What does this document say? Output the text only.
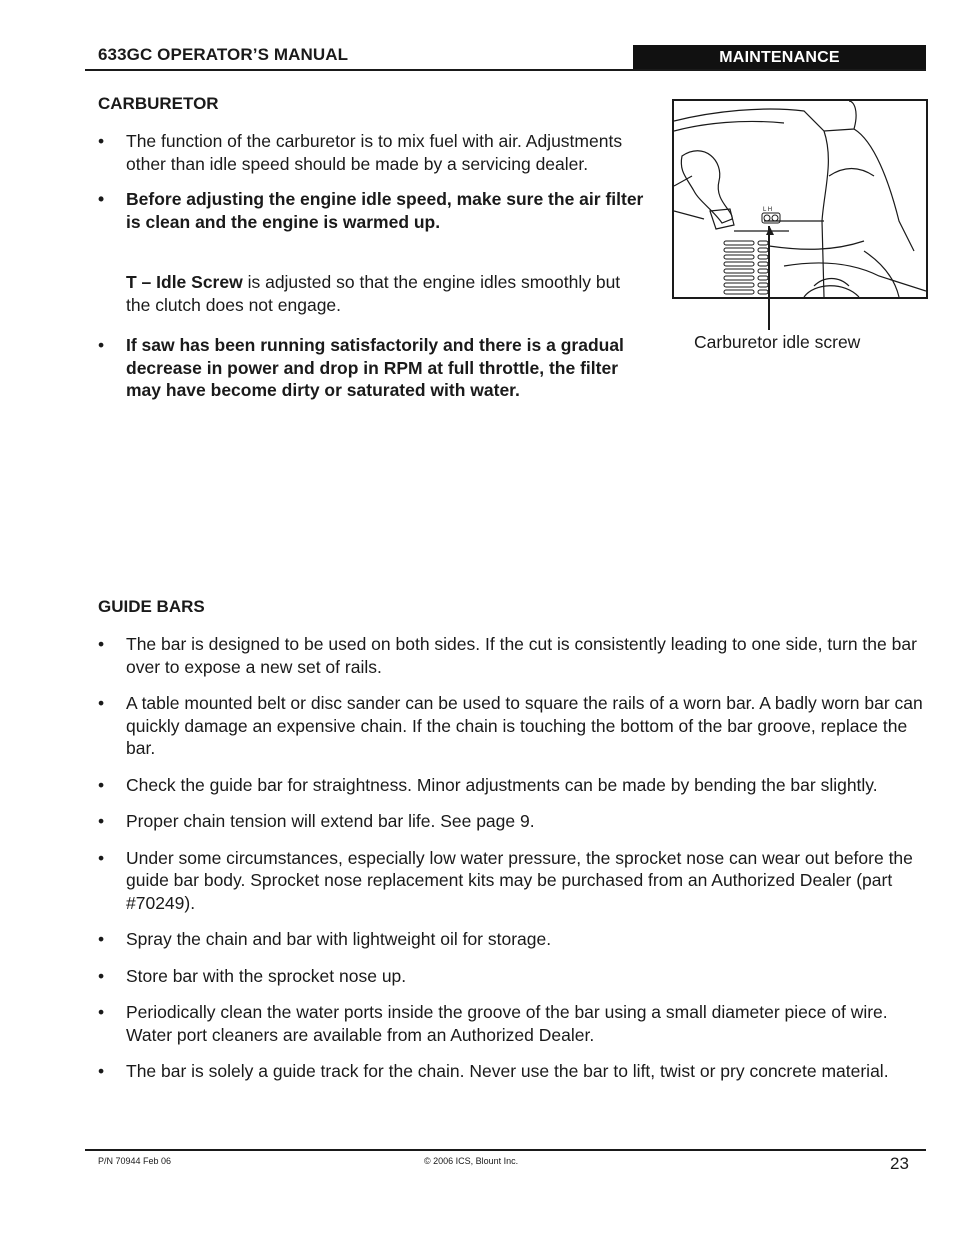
633GC OPERATOR’S MANUAL	MAINTENANCE
CARBURETOR
• The function of the carburetor is to mix fuel with air. Adjustments other than idle speed should be made by a servicing dealer.
• Before adjusting the engine idle speed, make sure the air filter is clean and the engine is warmed up.
T – Idle Screw is adjusted so that the engine idles smoothly but the clutch does not engage.
• If saw has been running satisfactorily and there is a gradual decrease in power and drop in RPM at full throttle, the filter may have become dirty or saturated with water.
L H
Carburetor idle screw
GUIDE BARS
• The bar is designed to be used on both sides. If the cut is consistently leading to one side, turn the bar over to expose a new set of rails.
• A table mounted belt or disc sander can be used to square the rails of a worn bar. A badly worn bar can quickly damage an expensive chain. If the chain is touching the bottom of the bar groove, replace the bar.
• Check the guide bar for straightness. Minor adjustments can be made by bending the bar slightly.
• Proper chain tension will extend bar life. See page 9.
• Under some circumstances, especially low water pressure, the sprocket nose can wear out before the guide bar body. Sprocket nose replacement kits may be purchased from an Authorized Dealer (part #70249).
• Spray the chain and bar with lightweight oil for storage.
• Store bar with the sprocket nose up.
• Periodically clean the water ports inside the groove of the bar using a small diameter piece of wire. Water port cleaners are available from an Authorized Dealer.
• The bar is solely a guide track for the chain. Never use the bar to lift, twist or pry concrete material.
P/N 70944 Feb 06	© 2006 ICS, Blount Inc.	23
